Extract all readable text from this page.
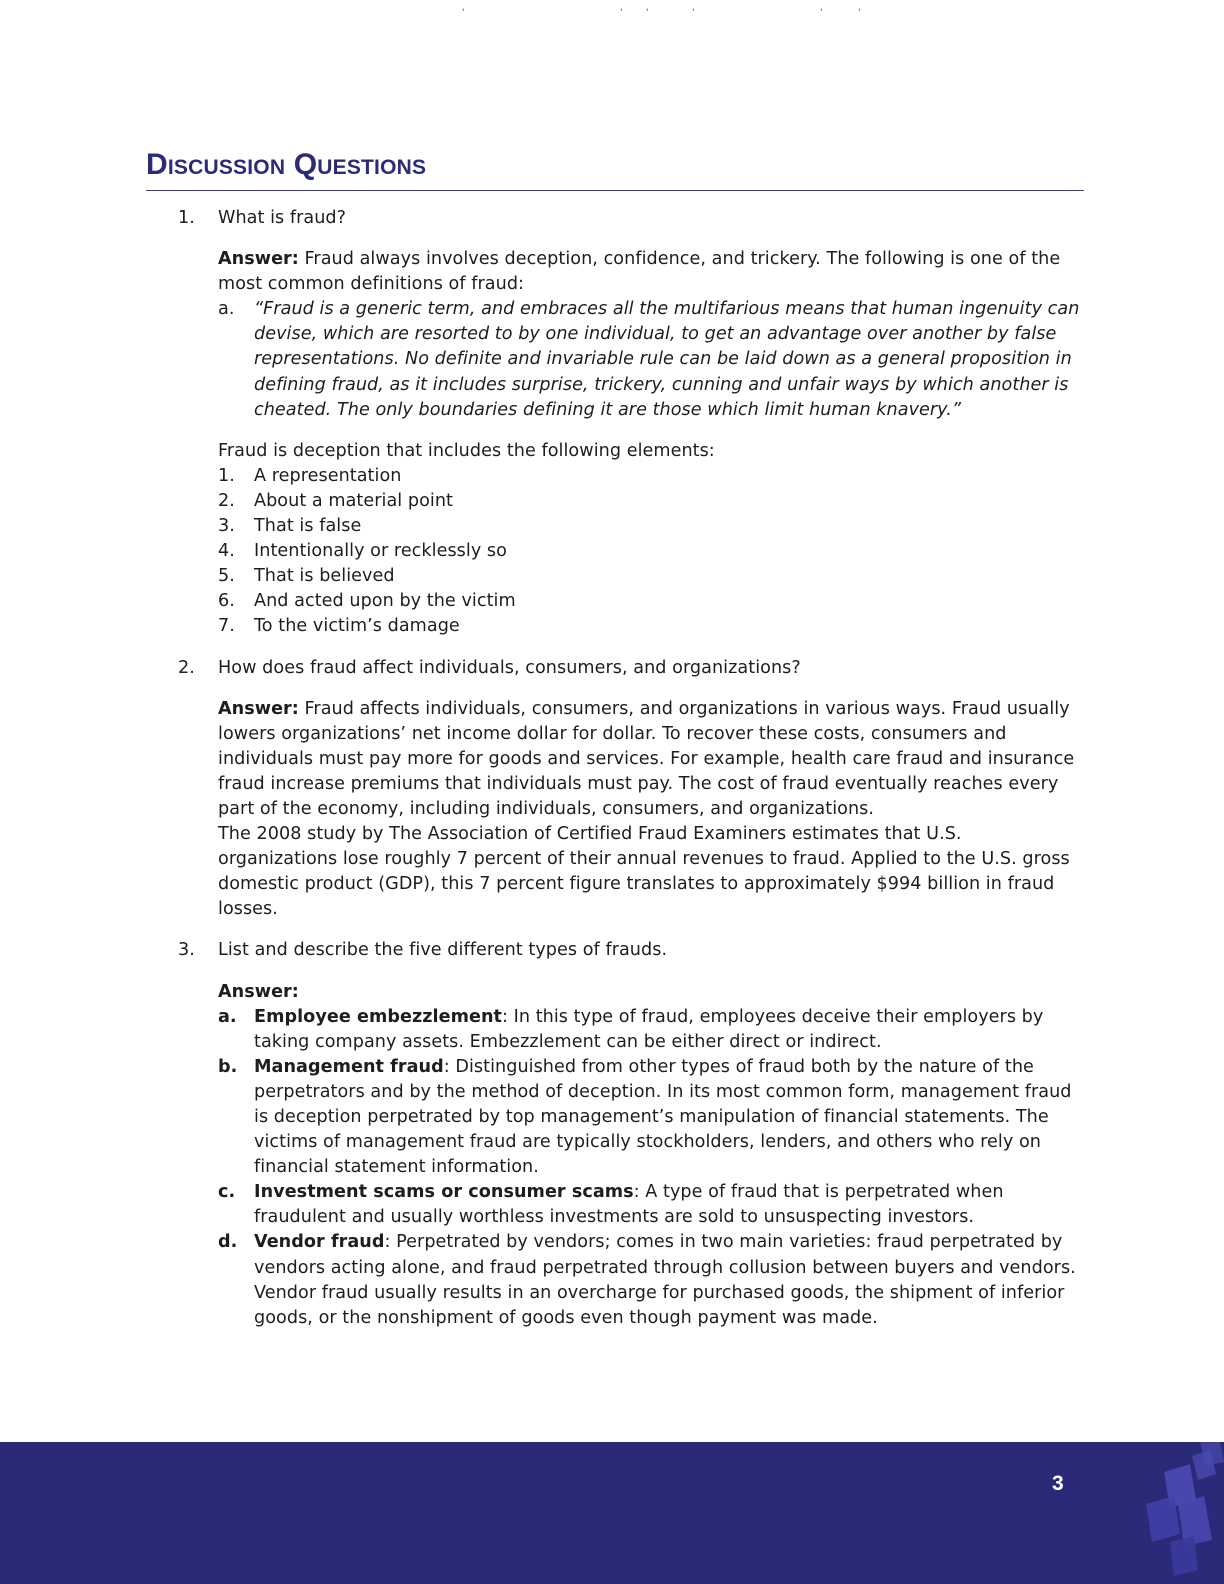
'	'	'	'	'	'
Discussion Questions
1. What is fraud?

Answer: Fraud always involves deception, confidence, and trickery. The following is one of the most common definitions of fraud:

a. “Fraud is a generic term, and embraces all the multifarious means that human ingenuity can devise, which are resorted to by one individual, to get an advantage over another by false representations. No definite and invariable rule can be laid down as a general proposition in defining fraud, as it includes surprise, trickery, cunning and unfair ways by which another is cheated. The only boundaries defining it are those which limit human knavery.”

Fraud is deception that includes the following elements:

1. A representation
2. About a material point
3. That is false
4. Intentionally or recklessly so
5. That is believed
6. And acted upon by the victim
7. To the victim’s damage
2. How does fraud affect individuals, consumers, and organizations?

Answer: Fraud affects individuals, consumers, and organizations in various ways. Fraud usually lowers organizations’ net income dollar for dollar. To recover these costs, consumers and individuals must pay more for goods and services. For example, health care fraud and insurance fraud increase premiums that individuals must pay. The cost of fraud eventually reaches every part of the economy, including individuals, consumers, and organizations.

The 2008 study by The Association of Certified Fraud Examiners estimates that U.S. organizations lose roughly 7 percent of their annual revenues to fraud. Applied to the U.S. gross domestic product (GDP), this 7 percent figure translates to approximately $994 billion in fraud losses.

3. List and describe the five different types of frauds.

Answer:

a. Employee embezzlement: In this type of fraud, employees deceive their employers by taking company assets. Embezzlement can be either direct or indirect.
b. Management fraud: Distinguished from other types of fraud both by the nature of the perpetrators and by the method of deception. In its most common form, management fraud is deception perpetrated by top management’s manipulation of financial statements. The victims of management fraud are typically stockholders, lenders, and others who rely on financial statement information.
c. Investment scams or consumer scams: A type of fraud that is perpetrated when fraudulent and usually worthless investments are sold to unsuspecting investors.
d. Vendor fraud: Perpetrated by vendors; comes in two main varieties: fraud perpetrated by vendors acting alone, and fraud perpetrated through collusion between buyers and vendors. Vendor fraud usually results in an overcharge for purchased goods, the shipment of inferior goods, or the nonshipment of goods even though payment was made.
3
